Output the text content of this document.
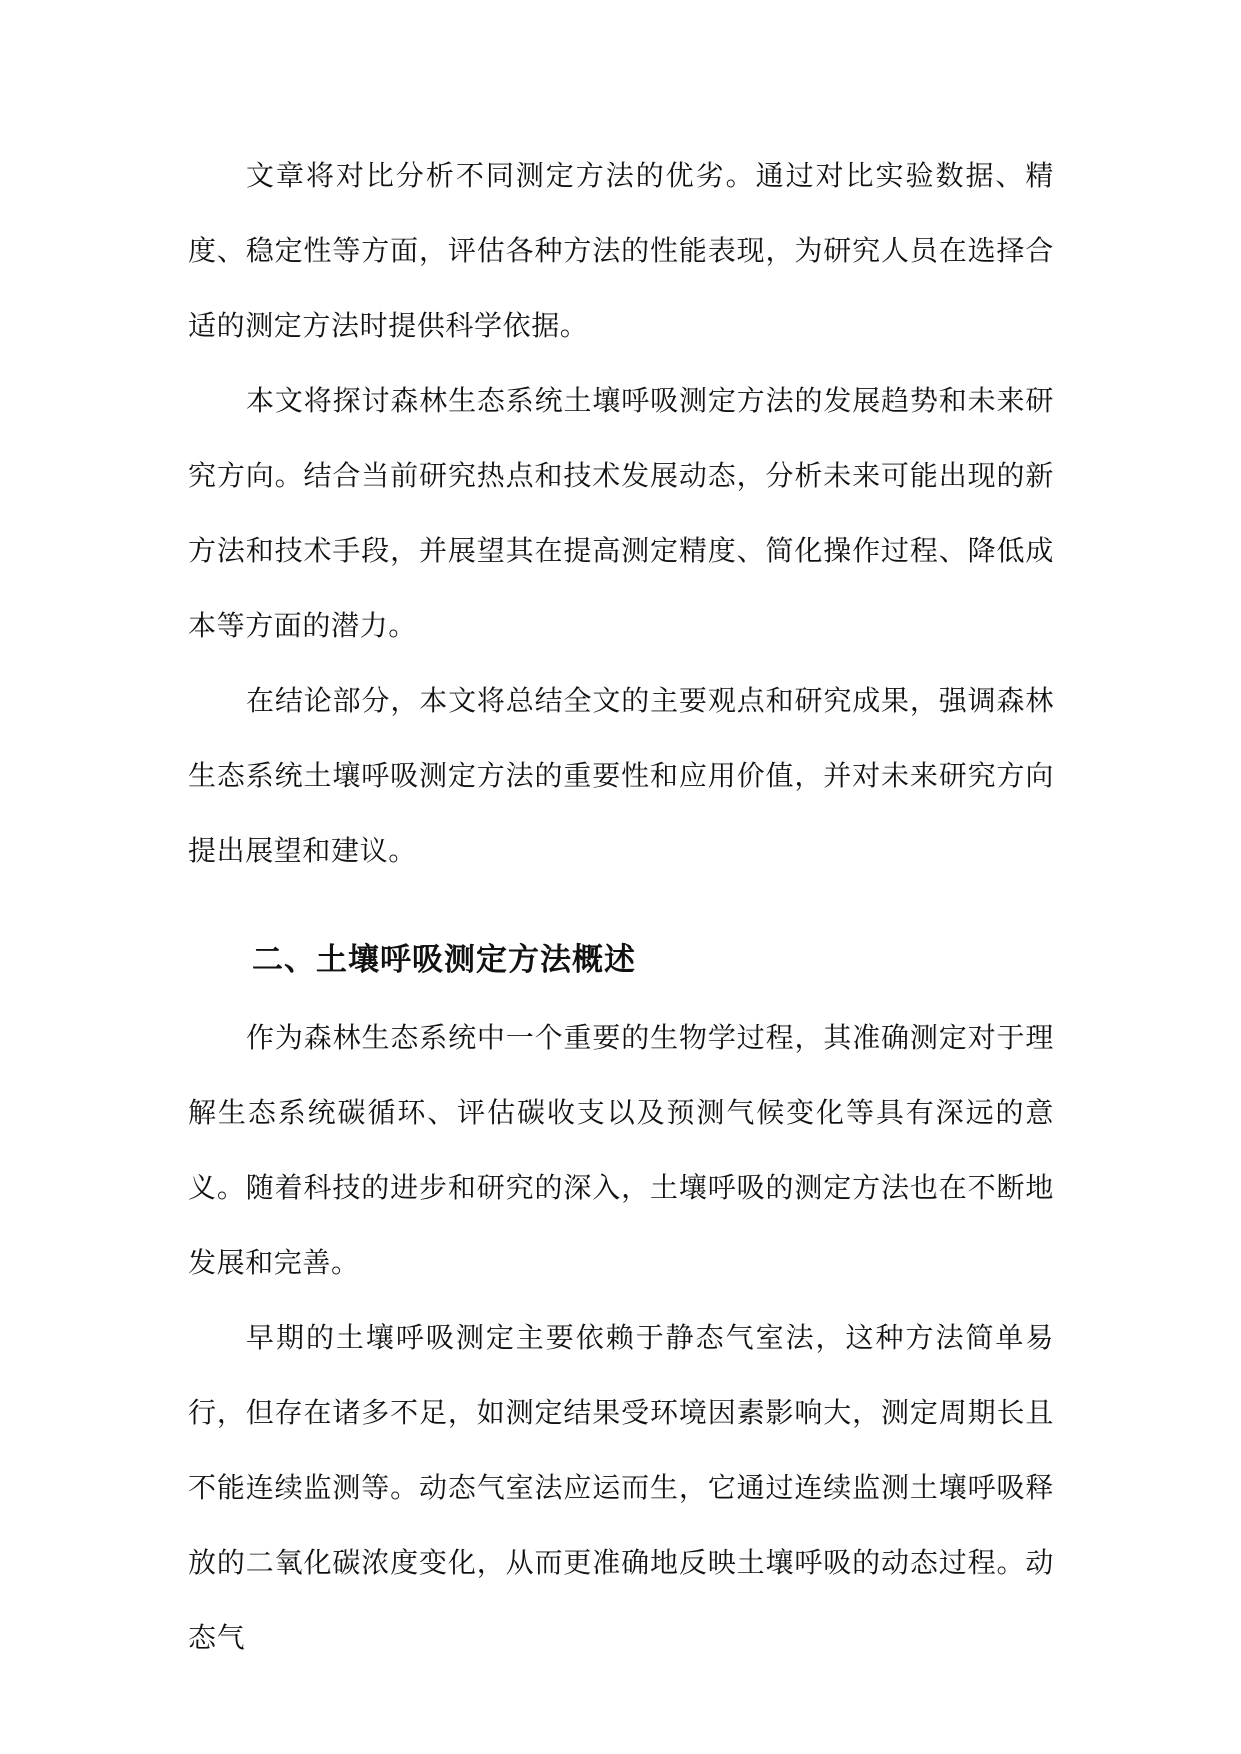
文章将对比分析不同测定方法的优劣。通过对比实验数据、精度、稳定性等方面，评估各种方法的性能表现，为研究人员在选择合适的测定方法时提供科学依据。

本文将探讨森林生态系统土壤呼吸测定方法的发展趋势和未来研究方向。结合当前研究热点和技术发展动态，分析未来可能出现的新方法和技术手段，并展望其在提高测定精度、简化操作过程、降低成本等方面的潜力。

在结论部分，本文将总结全文的主要观点和研究成果，强调森林生态系统土壤呼吸测定方法的重要性和应用价值，并对未来研究方向提出展望和建议。

二、土壤呼吸测定方法概述

作为森林生态系统中一个重要的生物学过程，其准确测定对于理解生态系统碳循环、评估碳收支以及预测气候变化等具有深远的意义。随着科技的进步和研究的深入，土壤呼吸的测定方法也在不断地发展和完善。

早期的土壤呼吸测定主要依赖于静态气室法，这种方法简单易行，但存在诸多不足，如测定结果受环境因素影响大，测定周期长且不能连续监测等。动态气室法应运而生，它通过连续监测土壤呼吸释放的二氧化碳浓度变化，从而更准确地反映土壤呼吸的动态过程。动态气
